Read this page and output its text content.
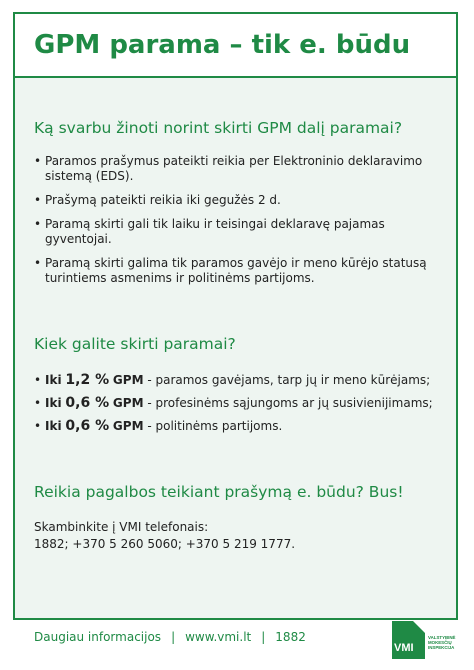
GPM parama – tik e. būdu
Ką svarbu žinoti norint skirti GPM dalį paramai?
• Paramos prašymus pateikti reikia per Elektroninio deklaravimo sistemą (EDS).
• Prašymą pateikti reikia iki gegužės 2 d.
• Paramą skirti gali tik laiku ir teisingai deklaravę pajamas gyventojai.
• Paramą skirti galima tik paramos gavėjo ir meno kūrėjo statusą turintiems asmenims ir politinėms partijoms.
Kiek galite skirti paramai?
• Iki 1,2 % GPM - paramos gavėjams, tarp jų ir meno kūrėjams;
• Iki 0,6 % GPM - profesinėms sąjungoms ar jų susivienijimams;
• Iki 0,6 % GPM - politinėms partijoms.
Reikia pagalbos teikiant prašymą e. būdu? Bus!
Skambinkite į VMI telefonais:
1882; +370 5 260 5060; +370 5 219 1777.
Daugiau informacijos | www.vmi.lt | 1882
VMI
VALSTYBINĖ
MOKESČIŲ
INSPEKCIJA
